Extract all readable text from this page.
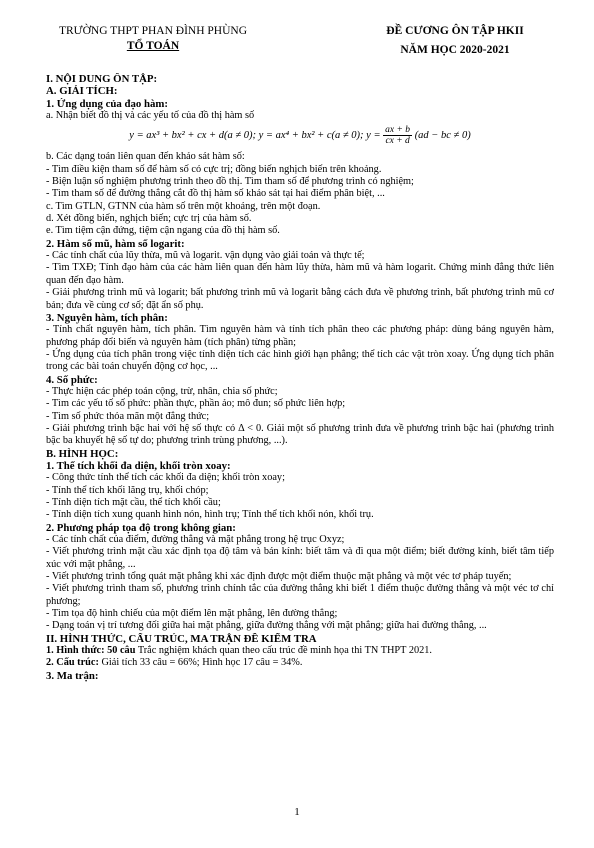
TRƯỜNG THPT PHAN ĐÌNH PHÙNG
TỔ TOÁN
ĐỀ CƯƠNG ÔN TẬP HKII
NĂM HỌC 2020-2021
I. NỘI DUNG ÔN TẬP:
A. GIẢI TÍCH:
1. Ứng dụng của đạo hàm:
a. Nhận biết đồ thị và các yếu tố của đồ thị hàm số
y = ax³ + bx² + cx + d(a ≠ 0); y = ax⁴ + bx² + c(a ≠ 0); $y = \frac{ax + b}{cx + d} (ad$ − bc ≠ 0)
b. Các dạng toán liên quan đến khảo sát hàm số:
- Tìm điều kiện tham số để hàm số có cực trị; đồng biến nghịch biến trên khoảng.
- Biện luận số nghiệm phương trình theo đồ thị. Tìm tham số để phương trình có nghiệm;
- Tìm tham số để đường thẳng cắt đồ thị hàm số khảo sát tại hai điểm phân biệt, ...
c. Tìm GTLN, GTNN của hàm số trên một khoảng, trên một đoạn.
d. Xét đồng biến, nghịch biến; cực trị của hàm số.
e. Tìm tiệm cận đứng, tiệm cận ngang của đồ thị hàm số.
2. Hàm số mũ, hàm số logarit:
- Các tính chất của lũy thừa, mũ và logarit. vận dụng vào giải toán và thực tế;
- Tìm TXĐ; Tính đạo hàm của các hàm liên quan đến hàm lũy thừa, hàm mũ và hàm logarit. Chứng minh đẳng thức liên quan đến đạo hàm.
- Giải phương trình mũ và logarit; bất phương trình mũ và logarit bằng cách đưa về phương trình, bất phương trình mũ cơ bản; đưa về cùng cơ số; đặt ẩn số phụ.
3. Nguyên hàm, tích phân:
- Tính chất nguyên hàm, tích phân. Tìm nguyên hàm và tính tích phân theo các phương pháp: dùng bảng nguyên hàm, phương pháp đổi biến và nguyên hàm (tích phân) từng phần;
- Ứng dụng của tích phân trong việc tính diện tích các hình giới hạn phẳng; thể tích các vật tròn xoay. Ứng dụng tích phân trong các bài toán chuyển động cơ học, ...
4. Số phức:
- Thực hiện các phép toán cộng, trừ, nhân, chia số phức;
- Tìm các yếu tố số phức: phần thực, phần ảo; mô đun; số phức liên hợp;
- Tìm số phức thỏa mãn một đẳng thức;
- Giải phương trình bậc hai với hệ số thực có Δ < 0. Giải một số phương trình đưa về phương trình bậc hai (phương trình bậc ba khuyết hệ số tự do; phương trình trùng phương, ...).
B. HÌNH HỌC:
1. Thể tích khối đa diện, khối tròn xoay:
- Công thức tính thể tích các khối đa diện; khối tròn xoay;
- Tính thể tích khối lăng trụ, khối chóp;
- Tính diện tích mặt cầu, thể tích khối cầu;
- Tính diện tích xung quanh hình nón, hình trụ; Tính thể tích khối nón, khối trụ.
2. Phương pháp tọa độ trong không gian:
- Các tính chất của điểm, đường thẳng và mặt phẳng trong hệ trục Oxyz;
- Viết phương trình mặt cầu xác định tọa độ tâm và bán kính: biết tâm và đi qua một điểm; biết đường kính, biết tâm tiếp xúc với mặt phẳng, ...
- Viết phương trình tổng quát mặt phẳng khi xác định được một điểm thuộc mặt phẳng và một véc tơ pháp tuyến;
- Viết phương trình tham số, phương trình chính tắc của đường thẳng khi biết 1 điểm thuộc đường thẳng và một véc tơ chỉ phương;
- Tìm tọa độ hình chiếu của một điểm lên mặt phẳng, lên đường thẳng;
- Dạng toán vị trí tương đối giữa hai mặt phẳng, giữa đường thẳng với mặt phẳng; giữa hai đường thẳng, ...
II. HÌNH THỨC, CẤU TRÚC, MA TRẬN ĐỀ KIỂM TRA
1. Hình thức: 50 câu Trắc nghiệm khách quan theo cấu trúc đề minh họa thi TN THPT 2021.
2. Cấu trúc: Giải tích 33 câu = 66%; Hình học 17 câu = 34%.
3. Ma trận:
1
